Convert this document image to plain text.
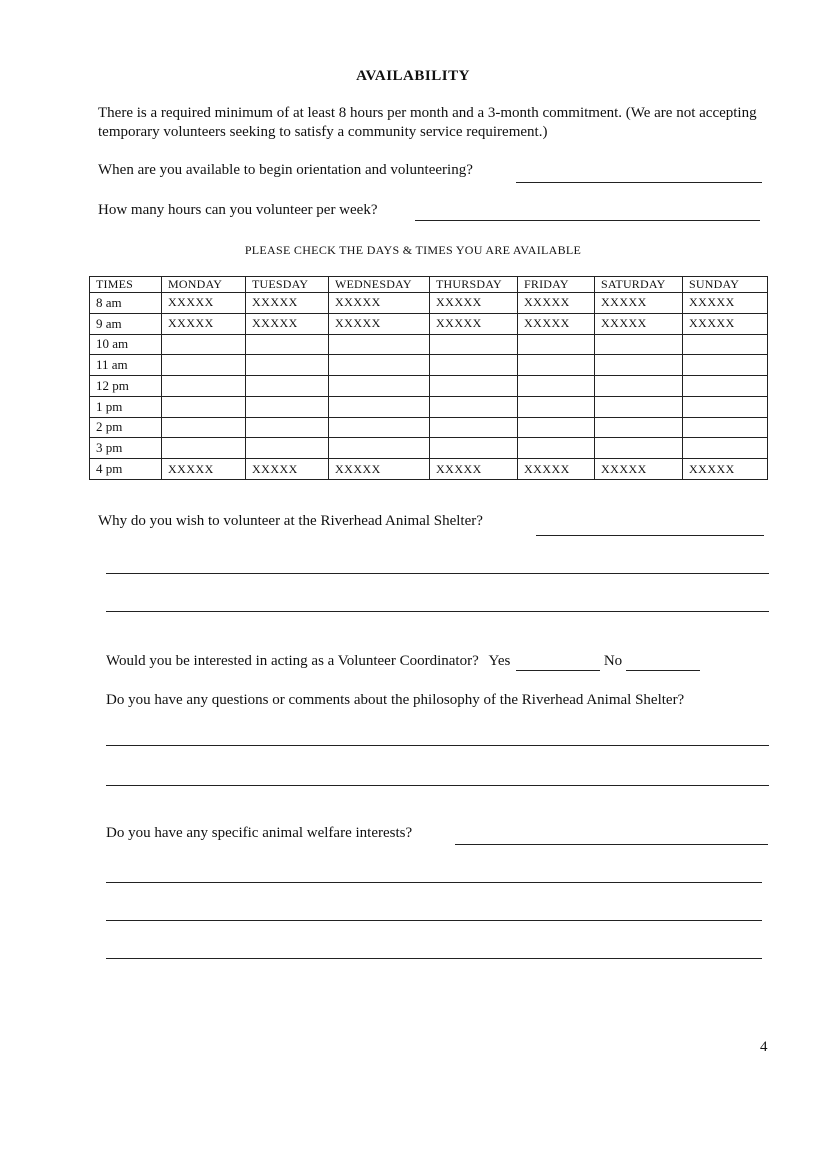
AVAILABILITY
There is a required minimum of at least 8 hours per month and a 3-month commitment. (We are not accepting temporary volunteers seeking to satisfy a community service requirement.)
When are you available to begin orientation and volunteering?
How many hours can you volunteer per week?
PLEASE CHECK THE DAYS & TIMES YOU ARE AVAILABLE
TIMES	MONDAY	TUESDAY	WEDNESDAY	THURSDAY	FRIDAY	SATURDAY	SUNDAY
8 am	XXXXX	XXXXX	XXXXX	XXXXX	XXXXX	XXXXX	XXXXX
9 am	XXXXX	XXXXX	XXXXX	XXXXX	XXXXX	XXXXX	XXXXX
10 am							
11 am							
12 pm							
1 pm							
2 pm							
3 pm							
4 pm	XXXXX	XXXXX	XXXXX	XXXXX	XXXXX	XXXXX	XXXXX
Why do you wish to volunteer at the Riverhead Animal Shelter?
Would you be interested in acting as a Volunteer Coordinator? Yes	No
Do you have any questions or comments about the philosophy of the Riverhead Animal Shelter?
Do you have any specific animal welfare interests?
4
